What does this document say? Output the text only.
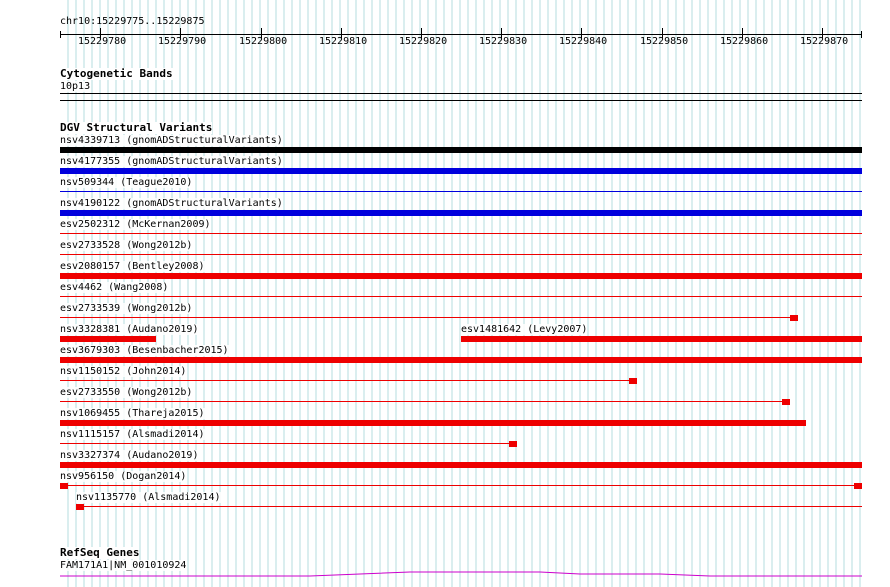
chr10:15229775..15229875
15229780	15229790	15229800	15229810	15229820	15229830	15229840	15229850	15229860	15229870
Cytogenetic Bands
10p13
DGV Structural Variants
nsv4339713 (gnomADStructuralVariants)
nsv4177355 (gnomADStructuralVariants)
nsv509344 (Teague2010)
nsv4190122 (gnomADStructuralVariants)
esv2502312 (McKernan2009)
esv2733528 (Wong2012b)
esv2080157 (Bentley2008)
esv4462 (Wang2008)
esv2733539 (Wong2012b)
nsv3328381 (Audano2019)	esv1481642 (Levy2007)
esv3679303 (Besenbacher2015)
nsv1150152 (John2014)
esv2733550 (Wong2012b)
nsv1069455 (Thareja2015)
nsv1115157 (Alsmadi2014)
nsv3327374 (Audano2019)
nsv956150 (Dogan2014)
nsv1135770 (Alsmadi2014)
RefSeq Genes
FAM171A1|NM_001010924
